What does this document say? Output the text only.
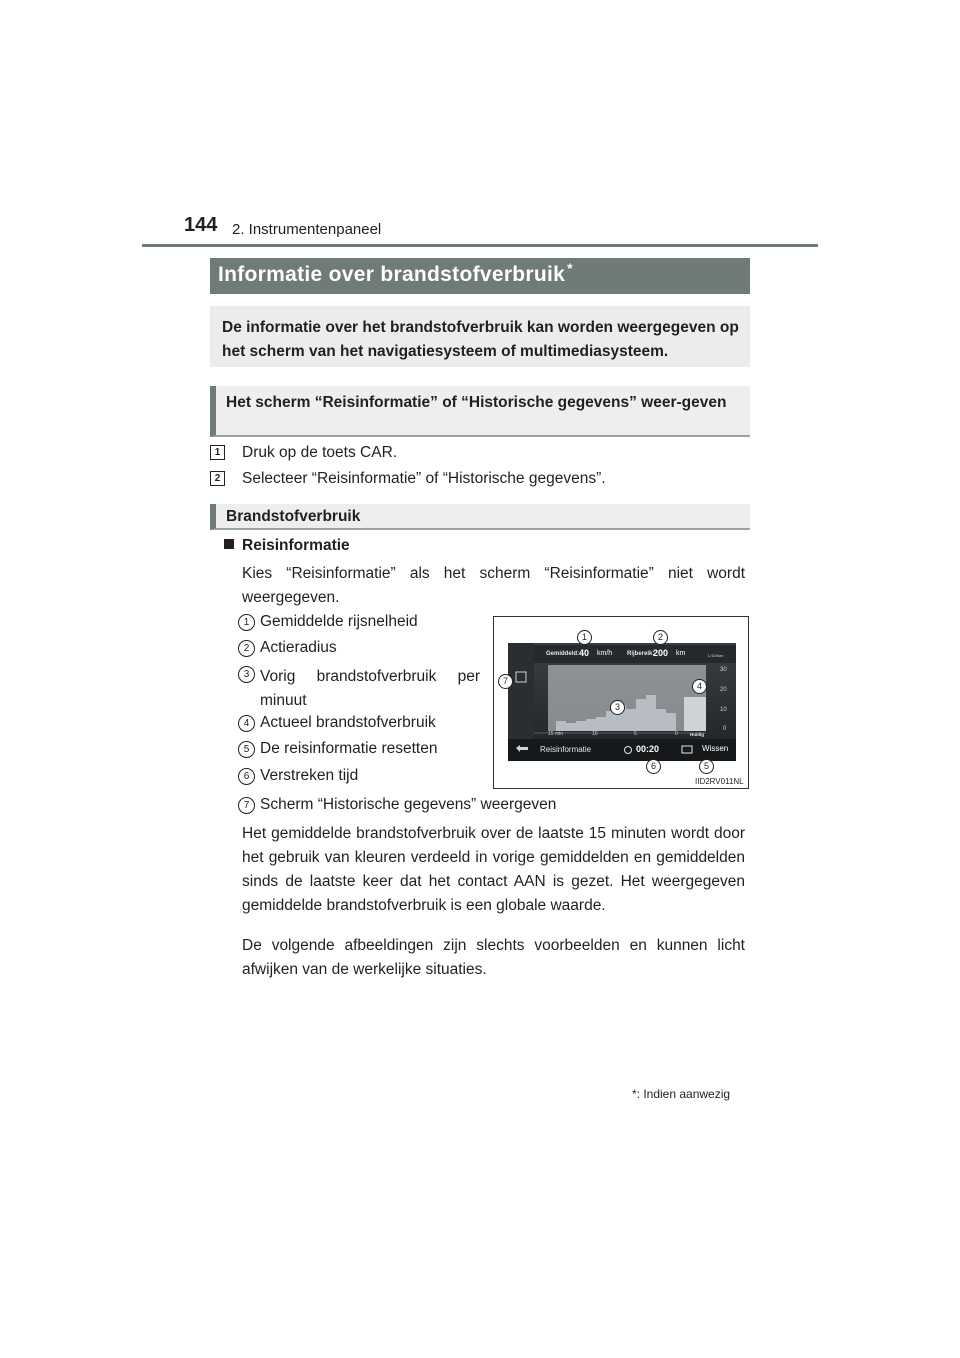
144 2. Instrumentenpaneel
Informatie over brandstofverbruik *
De informatie over het brandstofverbruik kan worden weergegeven op het scherm van het navigatiesysteem of multimediasysteem.
Het scherm “Reisinformatie” of “Historische gegevens” weer-geven
1	Druk op de toets CAR.
2	Selecteer “Reisinformatie” of “Historische gegevens”.
Brandstofverbruik
Reisinformatie
Kies “Reisinformatie” als het scherm “Reisinformatie” niet wordt weergegeven.
1 Gemiddelde rijsnelheid
2 Actieradius
3 Vorig brandstofverbruik per minuut
4 Actueel brandstofverbruik
5 De reisinformatie resetten
6 Verstreken tijd
7 Scherm “Historische gegevens” weergeven
Gemiddeld: 40 km/h Rijbereik:
200 km	L/100km
30
20
10
0
15 min	10	5	0	Huidig
Reisinformatie	00:20	Wissen
1	2
3
4
5
6
7
IID2RV011NL
Het gemiddelde brandstofverbruik over de laatste 15 minuten wordt door het gebruik van kleuren verdeeld in vorige gemiddelden en gemiddelden sinds de laatste keer dat het contact AAN is gezet. Het weergegeven gemiddelde brandstofverbruik is een globale waarde.
De volgende afbeeldingen zijn slechts voorbeelden en kunnen licht afwijken van de werkelijke situaties.
*: Indien aanwezig
